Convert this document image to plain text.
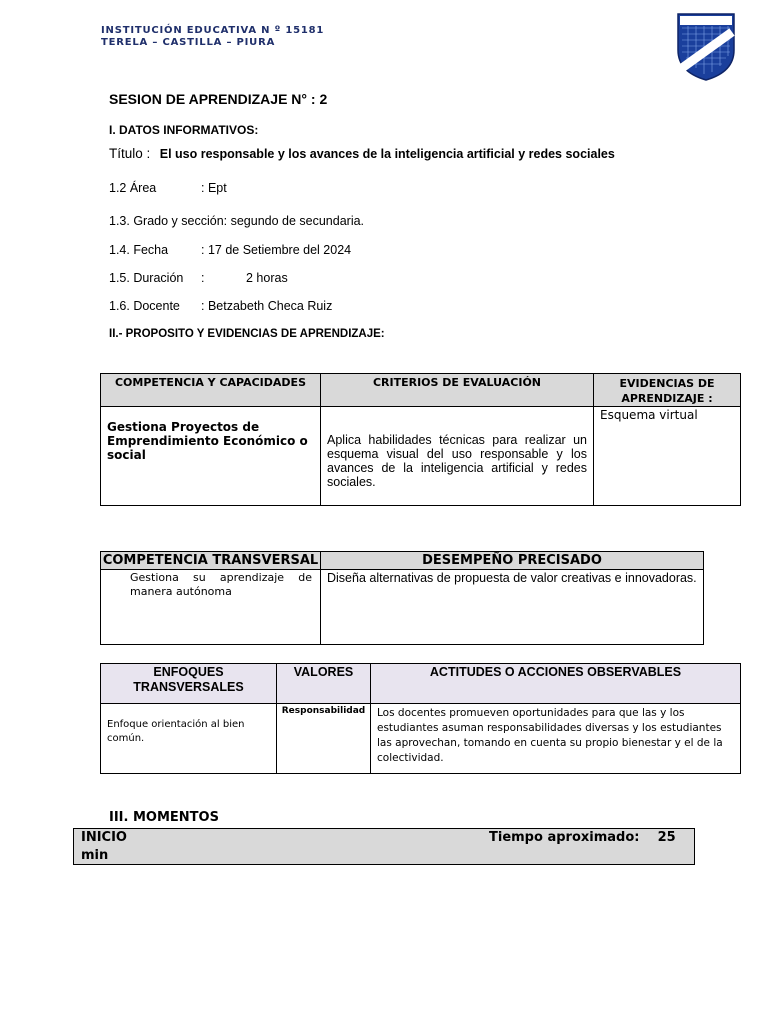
INSTITUCIÓN EDUCATIVA N º 15181
TERELA – CASTILLA – PIURA
SESION DE APRENDIZAJE N° : 2
I. DATOS INFORMATIVOS:
Título : El uso responsable y los avances de la inteligencia artificial y redes sociales
1.2 Área	: Ept
1.3. Grado y sección: segundo de secundaria.
1.4. Fecha	: 17 de Setiembre del 2024
1.5. Duración :	2 horas
1.6. Docente : Betzabeth Checa Ruiz
II.- PROPOSITO Y EVIDENCIAS DE APRENDIZAJE:
COMPETENCIA Y CAPACIDADES	CRITERIOS DE EVALUACIÓN	EVIDENCIAS DE APRENDIZAJE :
Gestiona Proyectos de Emprendimiento Económico o social	Aplica habilidades técnicas para realizar un esquema visual del uso responsable y los avances de la inteligencia artificial y redes sociales.	Esquema virtual
COMPETENCIA TRANSVERSAL	DESEMPEÑO PRECISADO
Gestiona su aprendizaje de manera autónoma	Diseña alternativas de propuesta de valor creativas e innovadoras.
ENFOQUES TRANSVERSALES	VALORES	ACTITUDES O ACCIONES OBSERVABLES
Enfoque orientación al bien común.	Responsabilidad	Los docentes promueven oportunidades para que las y los estudiantes asuman responsabilidades diversas y los estudiantes las aprovechan, tomando en cuenta su propio bienestar y el de la colectividad.
III. MOMENTOS
INICIO	Tiempo aproximado:    25
min
